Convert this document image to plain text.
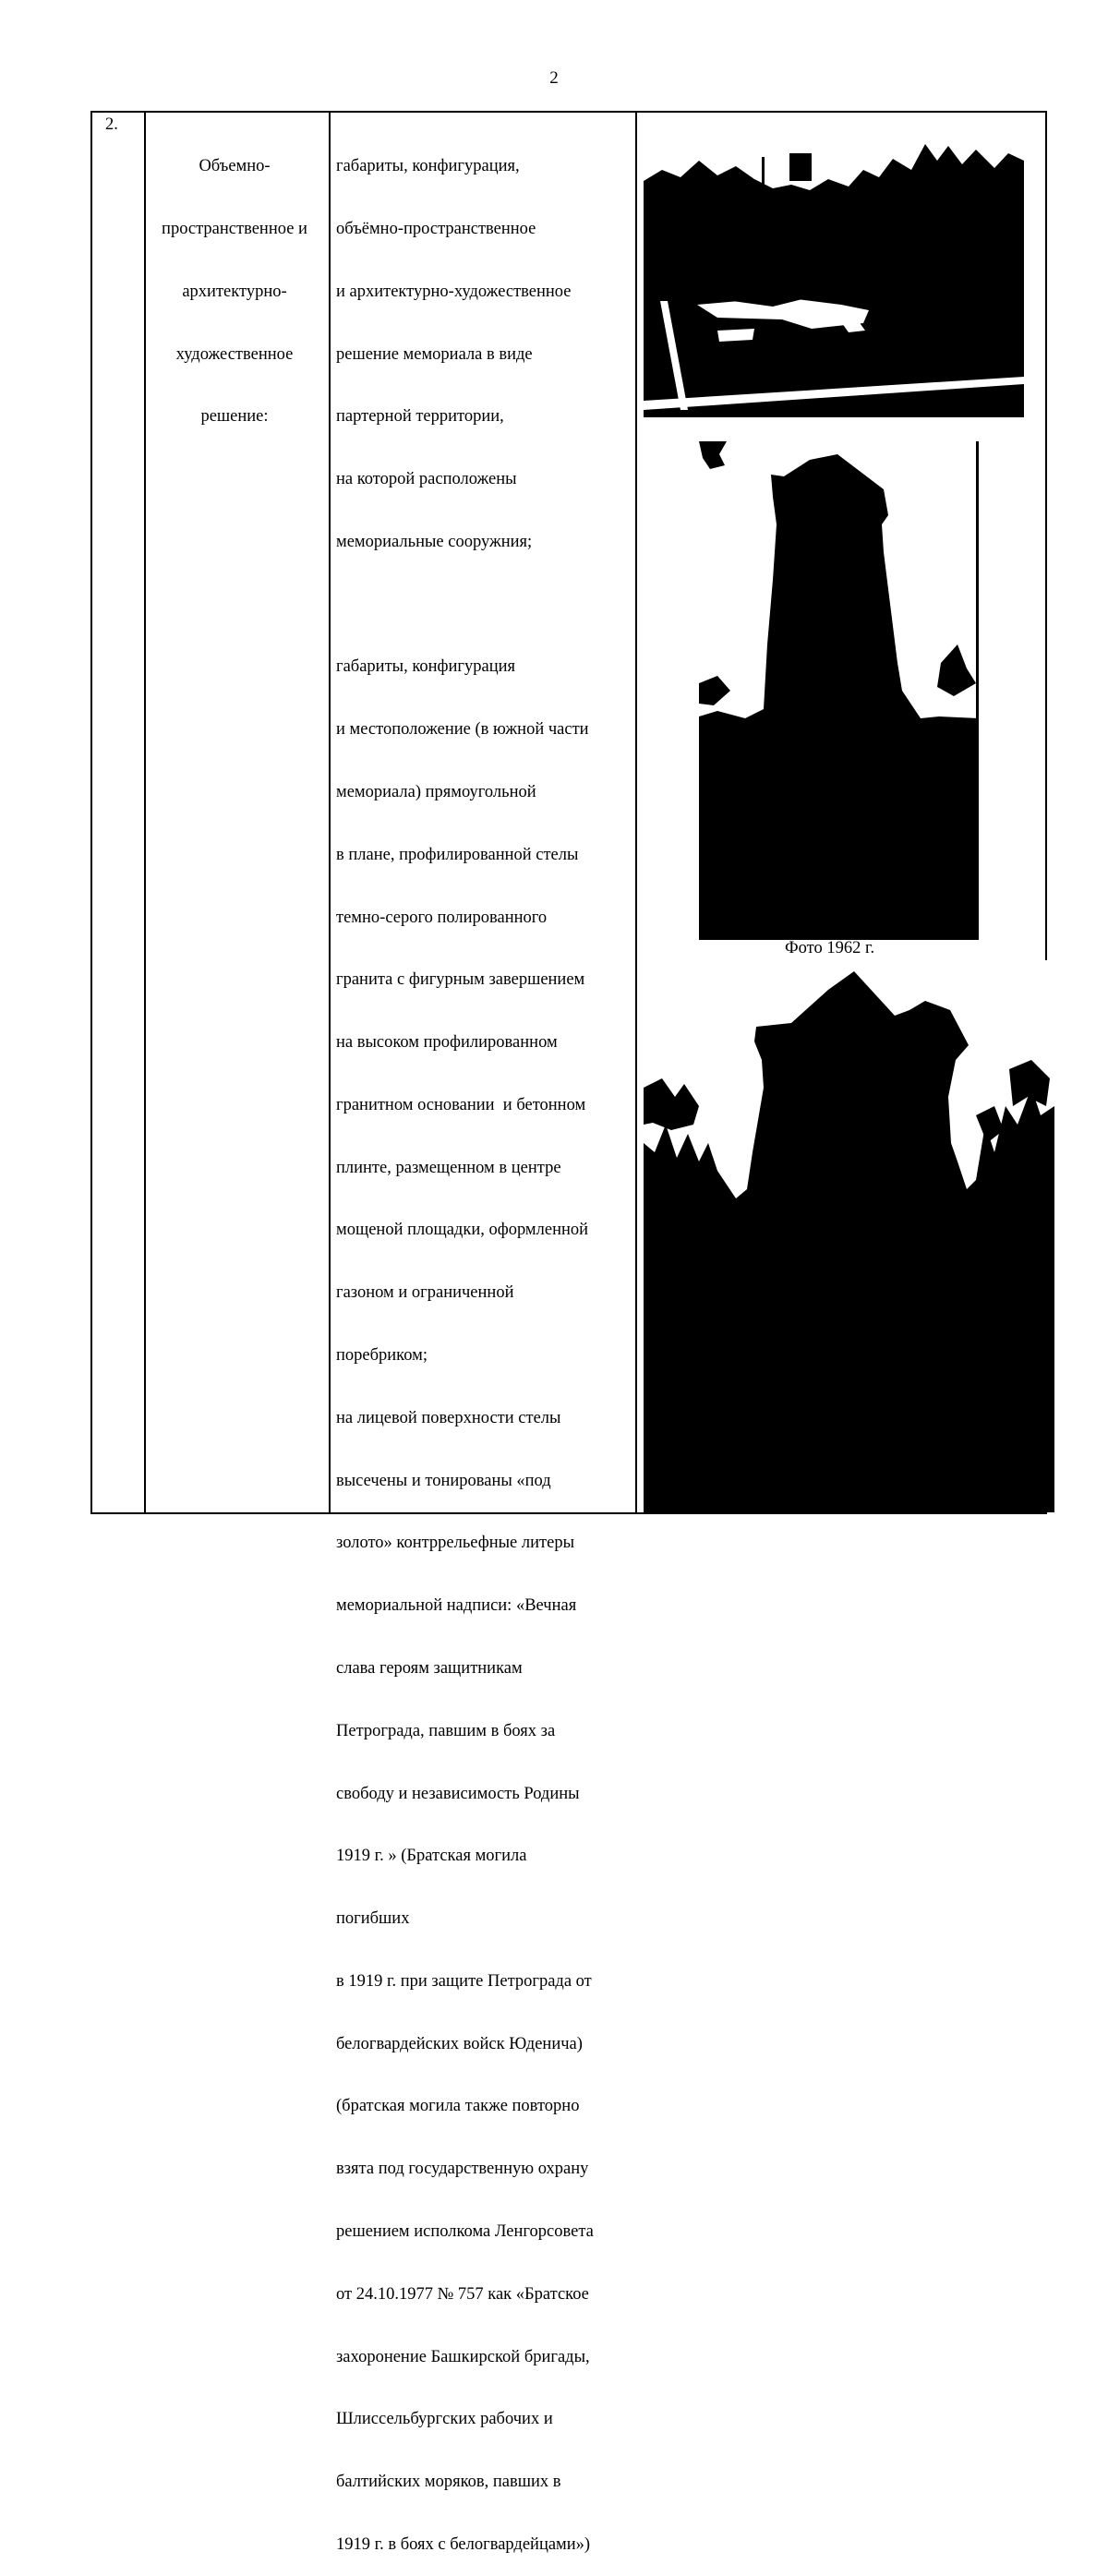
2
2.

Объемно-

пространственное и

архитектурно-

художественное

решение:

габариты, конфигурация,

объёмно-пространственное

и архитектурно-художественное

решение мемориала в виде

партерной территории,

на которой расположены

мемориальные сооружния;

габариты, конфигурация

и местоположение (в южной части

мемориала) прямоугольной

в плане, профилированной стелы

темно-серого полированного

гранита с фигурным завершением

на высоком профилированном

гранитном основании  и бетонном

плинте, размещенном в центре

мощеной площадки, оформленной

газоном и ограниченной

поребриком;

на лицевой поверхности стелы

высечены и тонированы «под

золото» контррельефные литеры

мемориальной надписи: «Вечная

слава героям защитникам

Петрограда, павшим в боях за

свободу и независимость Родины

1919 г. » (Братская могила

погибших

в 1919 г. при защите Петрограда от

белогвардейских войск Юденича)

(братская могила также повторно

взята под государственную охрану

решением исполкома Ленгорсовета

от 24.10.1977 № 757 как «Братское

захоронение Башкирской бригады,

Шлиссельбургских рабочих и

балтийских моряков, павших в

1919 г. в боях с белогвардейцами»)

Фото 1962 г.
